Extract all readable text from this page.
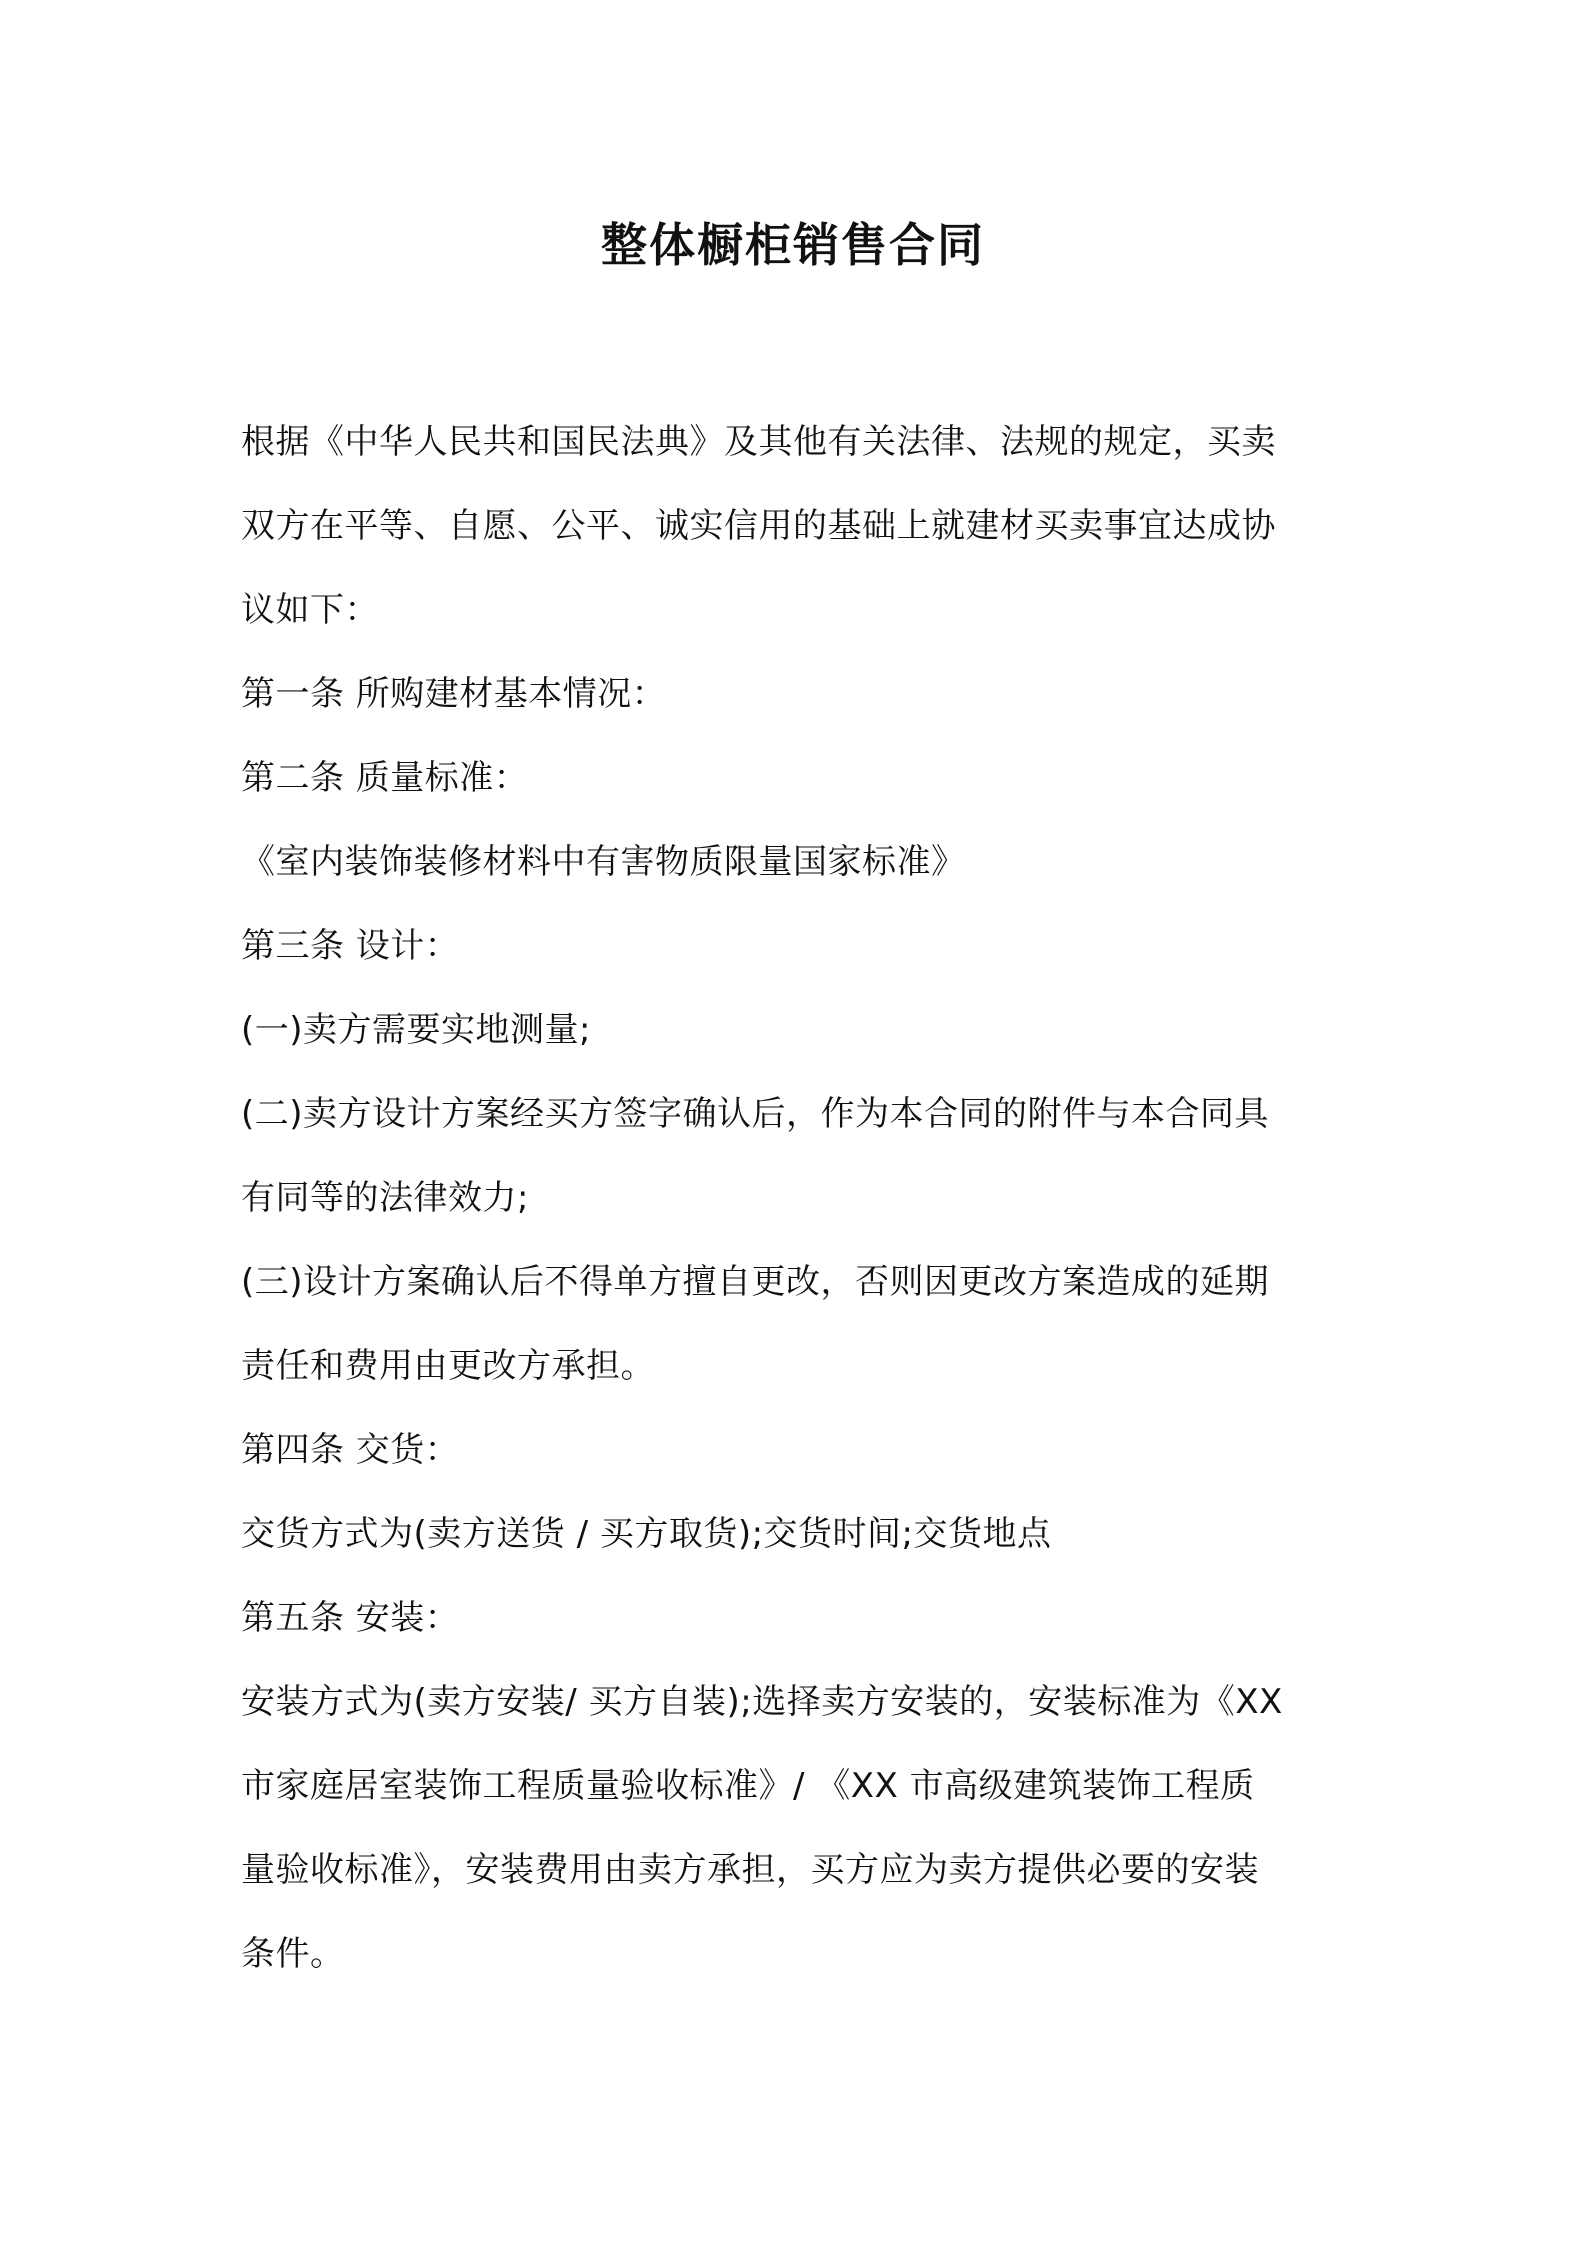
整体橱柜销售合同
根据《中华人民共和国民法典》及其他有关法律、法规的规定，买卖
双方在平等、自愿、公平、诚实信用的基础上就建材买卖事宜达成协
议如下：
第一条 所购建材基本情况：
第二条 质量标准：
《室内装饰装修材料中有害物质限量国家标准》
第三条 设计：
(一)卖方需要实地测量;
(二)卖方设计方案经买方签字确认后，作为本合同的附件与本合同具
有同等的法律效力;
(三)设计方案确认后不得单方擅自更改，否则因更改方案造成的延期
责任和费用由更改方承担。
第四条 交货：
交货方式为(卖方送货 / 买方取货);交货时间;交货地点
第五条 安装：
安装方式为(卖方安装/ 买方自装);选择卖方安装的，安装标准为《XX
市家庭居室装饰工程质量验收标准》/ 《XX 市高级建筑装饰工程质
量验收标准》，安装费用由卖方承担，买方应为卖方提供必要的安装
条件。
